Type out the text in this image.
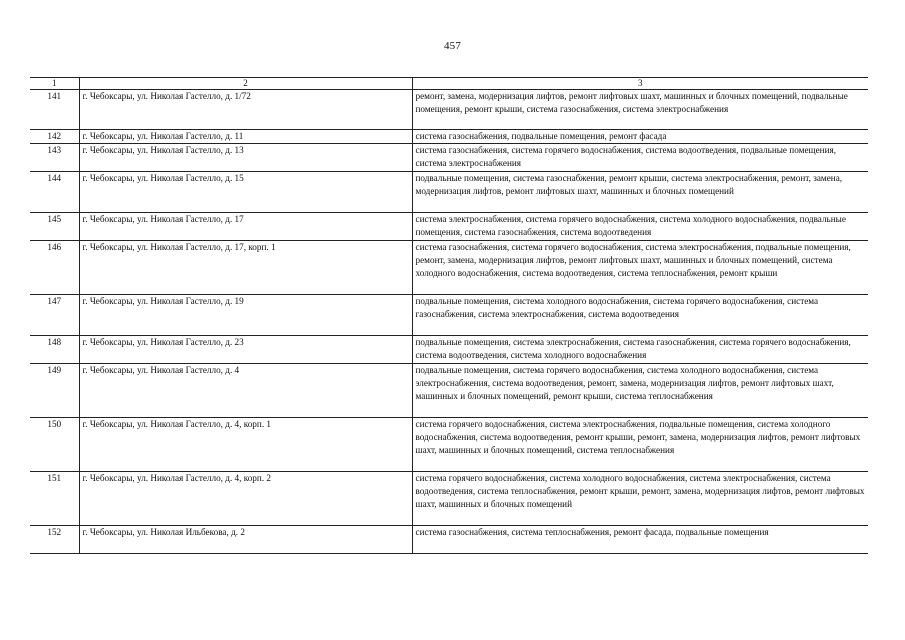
457
1	2	3
141	г. Чебоксары, ул. Николая Гастелло, д. 1/72	ремонт, замена, модернизация лифтов, ремонт лифтовых шахт, машинных и блочных помещений, подвальные помещения, ремонт крыши, система газоснабжения, система электроснабжения
142	г. Чебоксары, ул. Николая Гастелло, д. 11	система газоснабжения, подвальные помещения, ремонт фасада
143	г. Чебоксары, ул. Николая Гастелло, д. 13	система газоснабжения, система горячего водоснабжения, система водоотведения, подвальные помещения, система электроснабжения
144	г. Чебоксары, ул. Николая Гастелло, д. 15	подвальные помещения, система газоснабжения, ремонт крыши, система электроснабжения, ремонт, замена, модернизация лифтов, ремонт лифтовых шахт, машинных и блочных помещений
145	г. Чебоксары, ул. Николая Гастелло, д. 17	система электроснабжения, система горячего водоснабжения, система холодного водоснабжения, подвальные помещения, система газоснабжения, система водоотведения
146	г. Чебоксары, ул. Николая Гастелло, д. 17, корп. 1	система газоснабжения, система горячего водоснабжения, система электроснабжения, подвальные помещения, ремонт, замена, модернизация лифтов, ремонт лифтовых шахт, машинных и блочных помещений, система холодного водоснабжения, система водоотведения, система теплоснабжения, ремонт крыши
147	г. Чебоксары, ул. Николая Гастелло, д. 19	подвальные помещения, система холодного водоснабжения, система горячего водоснабжения, система газоснабжения, система электроснабжения, система водоотведения
148	г. Чебоксары, ул. Николая Гастелло, д. 23	подвальные помещения, система электроснабжения, система газоснабжения, система горячего водоснабжения, система водоотведения, система холодного водоснабжения
149	г. Чебоксары, ул. Николая Гастелло, д. 4	подвальные помещения, система горячего водоснабжения, система холодного водоснабжения, система электроснабжения, система водоотведения, ремонт, замена, модернизация лифтов, ремонт лифтовых шахт, машинных и блочных помещений, ремонт крыши, система теплоснабжения
150	г. Чебоксары, ул. Николая Гастелло, д. 4, корп. 1	система горячего водоснабжения, система электроснабжения, подвальные помещения, система холодного водоснабжения, система водоотведения, ремонт крыши, ремонт, замена, модернизация лифтов, ремонт лифтовых шахт, машинных и блочных помещений, система теплоснабжения
151	г. Чебоксары, ул. Николая Гастелло, д. 4, корп. 2	система горячего водоснабжения, система холодного водоснабжения, система электроснабжения, система водоотведения, система теплоснабжения, ремонт крыши, ремонт, замена, модернизация лифтов, ремонт лифтовых шахт, машинных и блочных помещений
152	г. Чебоксары, ул. Николая Ильбекова, д. 2	система газоснабжения, система теплоснабжения, ремонт фасада, подвальные помещения
